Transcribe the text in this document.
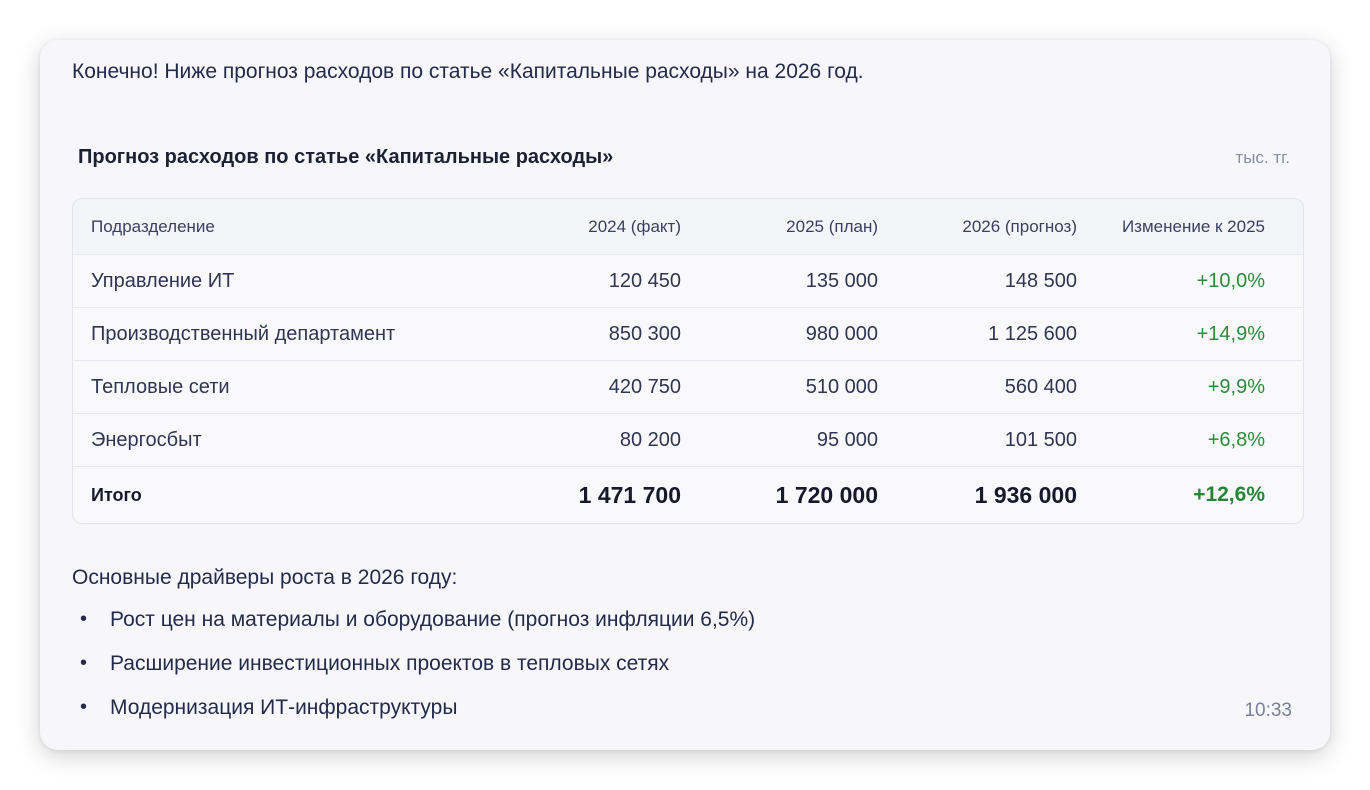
Конечно! Ниже прогноз расходов по статье «Капитальные расходы» на 2026 год.
Прогноз расходов по статье «Капитальные расходы»	тыс. тг.
Подразделение	2024 (факт)	2025 (план)	2026 (прогноз)	Изменение к 2025
Управление ИТ	120 450	135 000	148 500	+10,0%
Производственный департамент	850 300	980 000	1 125 600	+14,9%
Тепловые сети	420 750	510 000	560 400	+9,9%
Энергосбыт	80 200	95 000	101 500	+6,8%
Итого	1 471 700	1 720 000	1 936 000	+12,6%
Основные драйверы роста в 2026 году:
•	Рост цен на материалы и оборудование (прогноз инфляции 6,5%)
•	Расширение инвестиционных проектов в тепловых сетях
•	Модернизация ИТ-инфраструктуры	10:33
